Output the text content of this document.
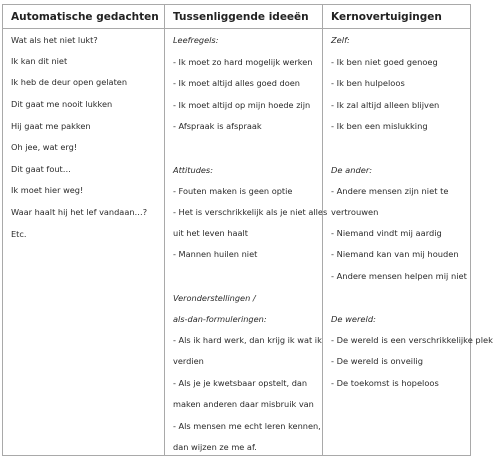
Automatische gedachten
Wat als het niet lukt?
Ik kan dit niet
Ik heb de deur open gelaten
Dit gaat me nooit lukken
Hij gaat me pakken
Oh jee, wat erg!
Dit gaat fout…
Ik moet hier weg!
Waar haalt hij het lef vandaan…?
Etc.
Tussenliggende ideeën
Leefregels:
- Ik moet zo hard mogelijk werken
- Ik moet altijd alles goed doen
- Ik moet altijd op mijn hoede zijn
- Afspraak is afspraak
Attitudes:
- Fouten maken is geen optie
- Het is verschrikkelijk als je niet alles
uit het leven haalt
- Mannen huilen niet
Veronderstellingen /
als-dan-formuleringen:
- Als ik hard werk, dan krijg ik wat ik
verdien
- Als je je kwetsbaar opstelt, dan
maken anderen daar misbruik van
- Als mensen me echt leren kennen,
dan wijzen ze me af.
Kernovertuigingen
Zelf:
- Ik ben niet goed genoeg
- Ik ben hulpeloos
- Ik zal altijd alleen blijven
- Ik ben een mislukking
De ander:
- Andere mensen zijn niet te
vertrouwen
- Niemand vindt mij aardig
- Niemand kan van mij houden
- Andere mensen helpen mij niet
De wereld:
- De wereld is een verschrikkelijke plek
- De wereld is onveilig
- De toekomst is hopeloos
